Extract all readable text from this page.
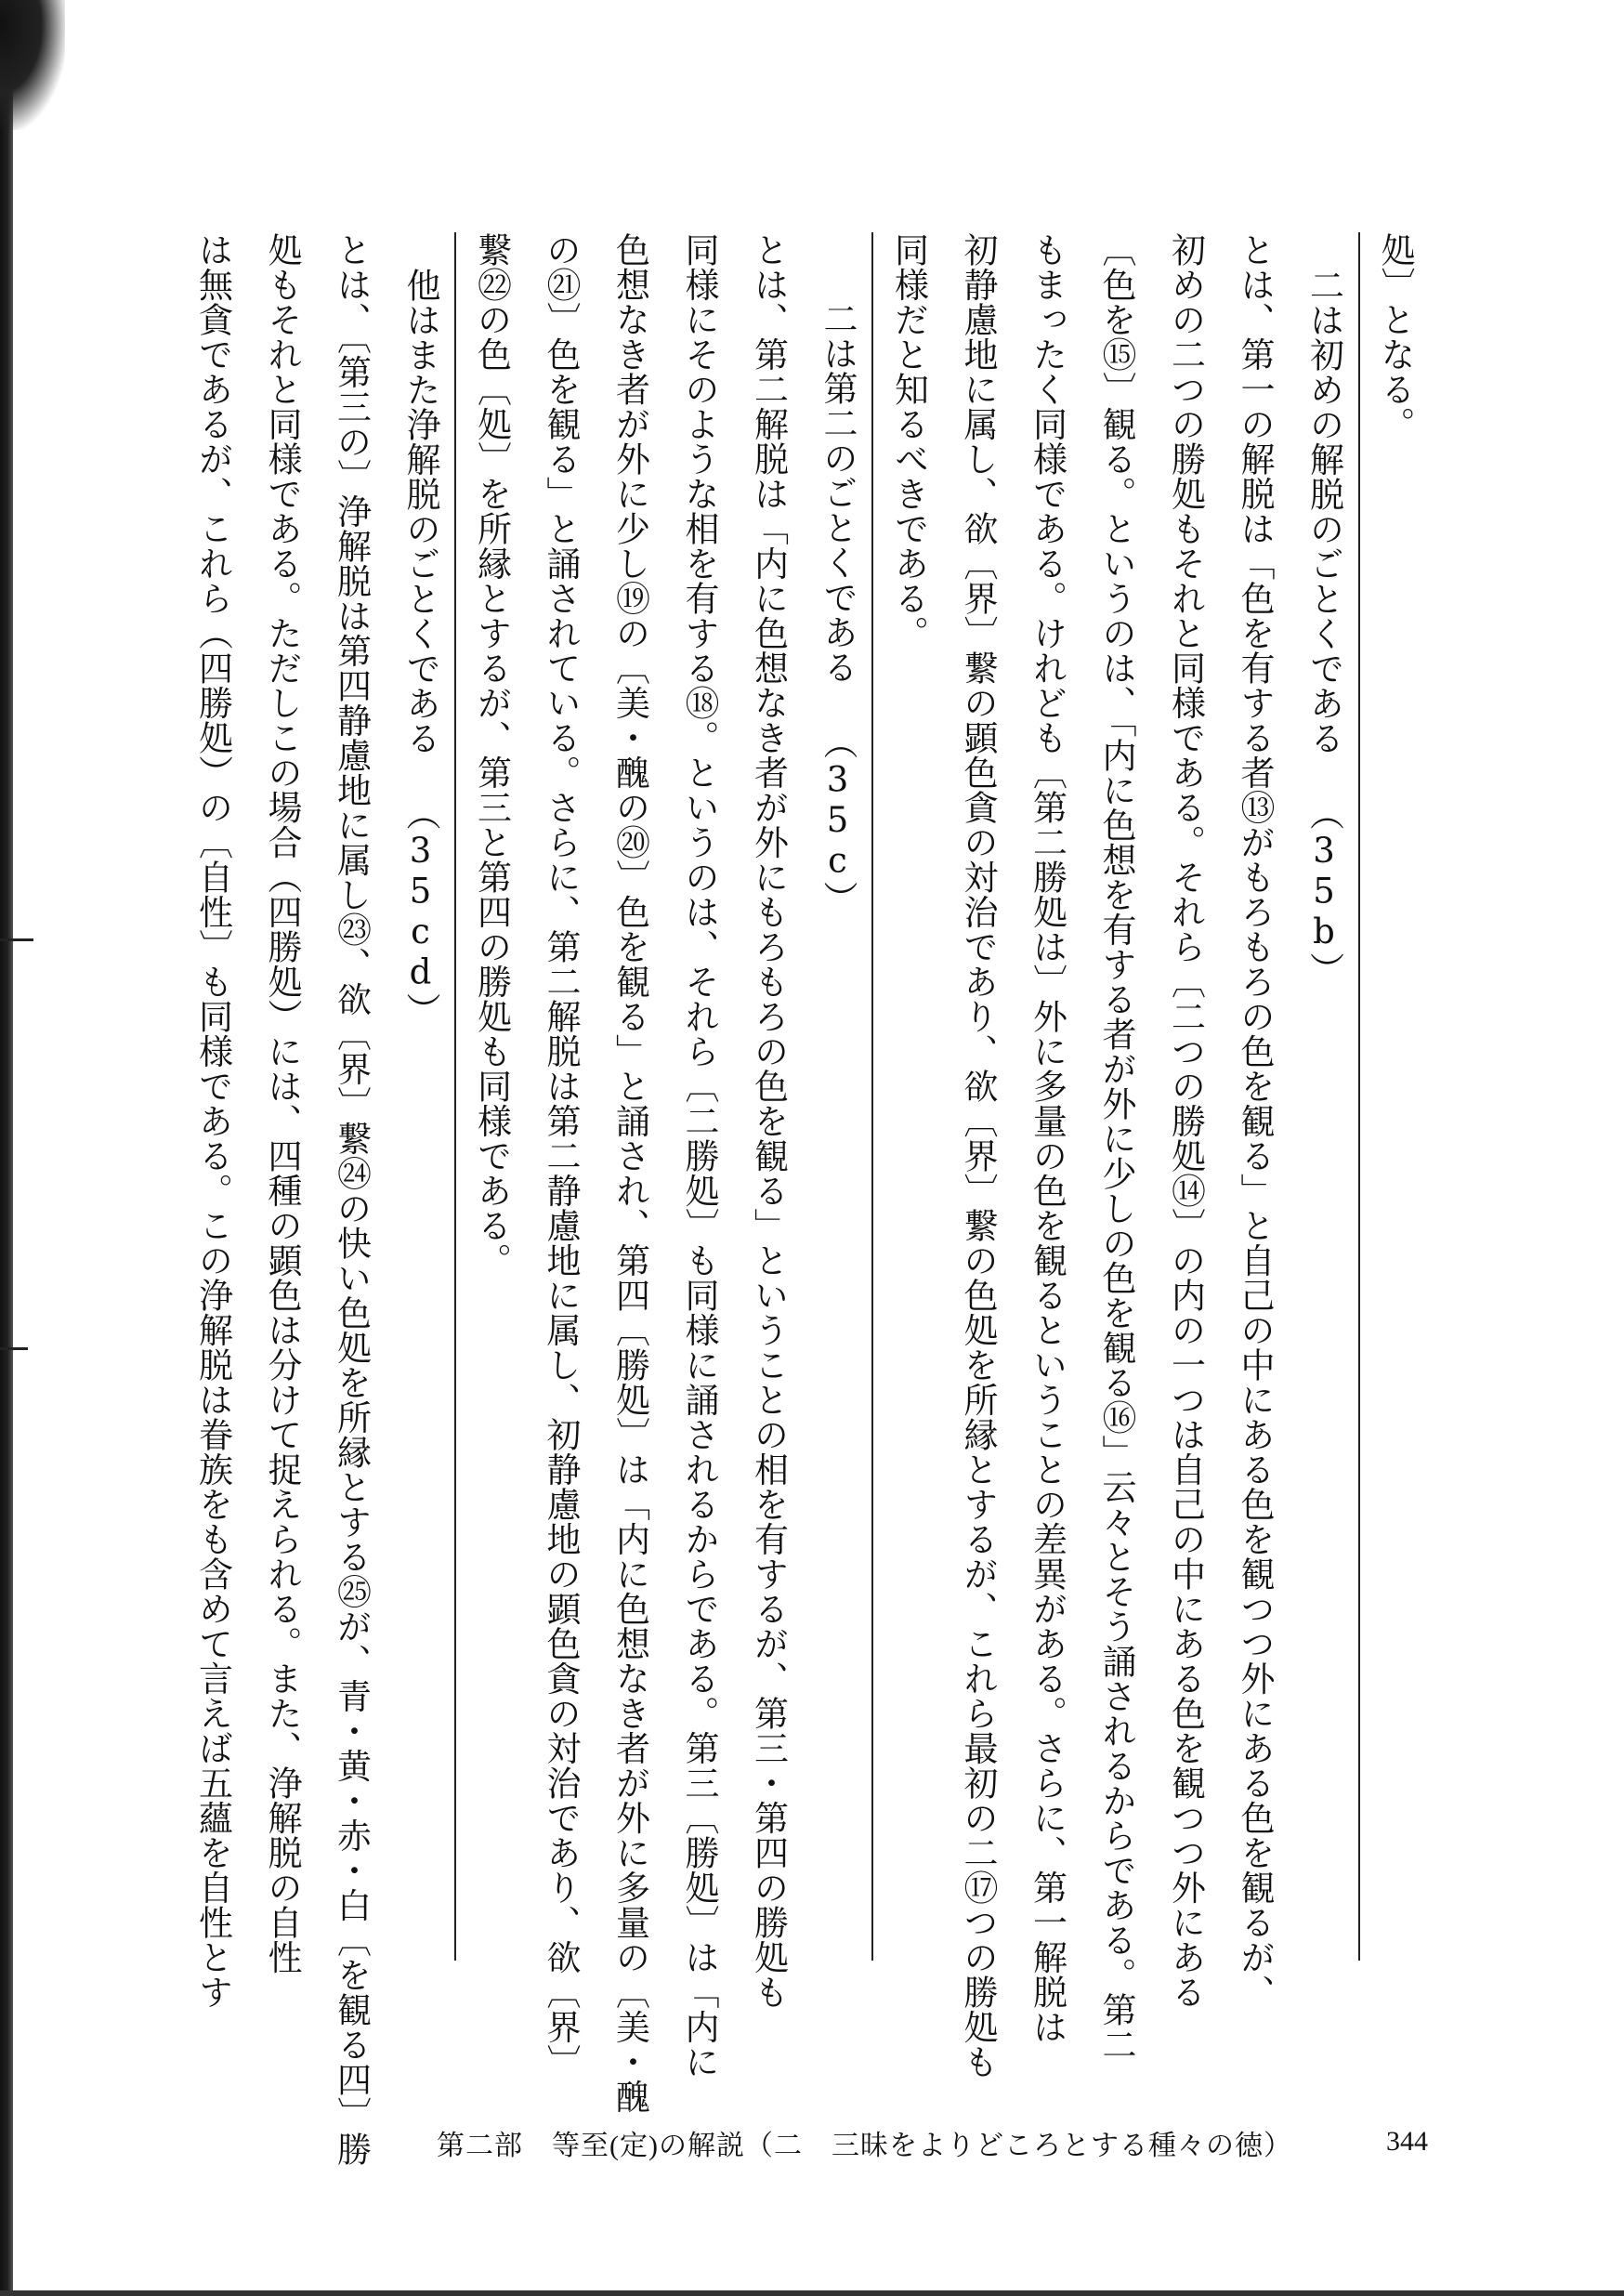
処〕となる。
二は初めの解脱のごとくである （35b）
とは、第一の解脱は「色を有する者⑬がもろもろの色を観る」と自己の中にある色を観つつ外にある色を観るが、
初めの二つの勝処もそれと同様である。それら〔二つの勝処⑭〕の内の一つは自己の中にある色を観つつ外にある
〔色を⑮〕観る。というのは、「内に色想を有する者が外に少しの色を観る⑯」云々とそう誦されるからである。第二
もまったく同様である。けれども〔第二勝処は〕外に多量の色を観るということの差異がある。さらに、第一解脱は
初静慮地に属し、欲〔界〕繋の顕色貪の対治であり、欲〔界〕繋の色処を所縁とするが、これら最初の二⑰つの勝処も
同様だと知るべきである。
二は第二のごとくである （35c）
とは、第二解脱は「内に色想なき者が外にもろもろの色を観る」ということの相を有するが、第三・第四の勝処も
同様にそのような相を有する⑱。というのは、それら〔二勝処〕も同様に誦されるからである。第三〔勝処〕は「内に
色想なき者が外に少し⑲の〔美・醜の⑳〕色を観る」と誦され、第四〔勝処〕は「内に色想なき者が外に多量の〔美・醜
の㉑〕色を観る」と誦されている。さらに、第二解脱は第二静慮地に属し、初静慮地の顕色貪の対治であり、欲〔界〕
繋㉒の色〔処〕を所縁とするが、第三と第四の勝処も同様である。
他はまた浄解脱のごとくである （35cd）
とは、〔第三の〕浄解脱は第四静慮地に属し㉓、欲〔界〕繋㉔の快い色処を所縁とする㉕が、青・黄・赤・白〔を観る四〕勝
処もそれと同様である。ただしこの場合（四勝処）には、四種の顕色は分けて捉えられる。また、浄解脱の自性
は無貪であるが、これら（四勝処）の〔自性〕も同様である。この浄解脱は眷族をも含めて言えば五蘊を自性とす
第二部　等至(定)の解説（二　三昧をよりどころとする種々の徳）	344
